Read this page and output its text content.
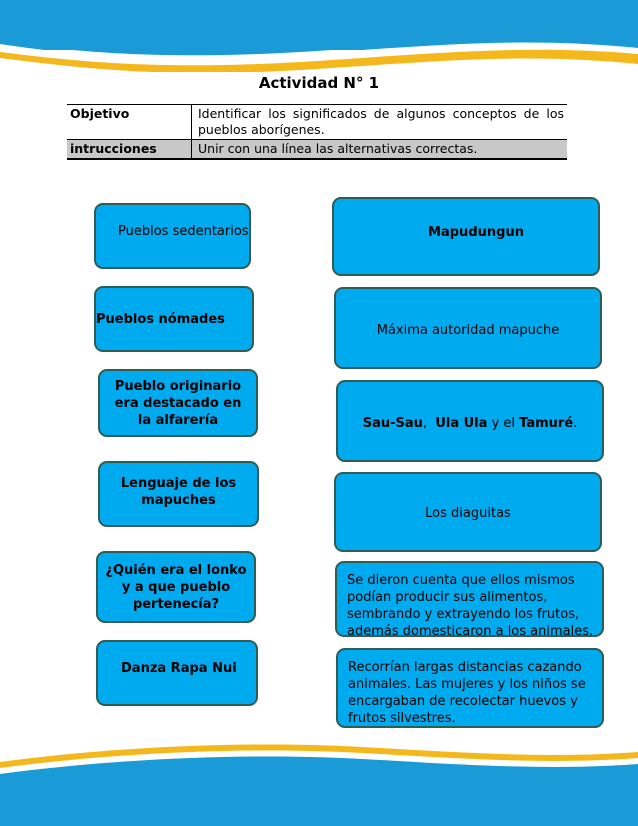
Actividad N° 1
Objetivo	Identificar los significados de algunos conceptos de los pueblos aborígenes.
intrucciones	Unir con una línea las alternativas correctas.
Pueblos sedentarios
Pueblos nómades
Pueblo originario era destacado en la alfarería
Lenguaje de los mapuches
¿Quién era el lonko y a que pueblo pertenecía?
Danza Rapa Nui
Mapudungun
Máxima autoridad mapuche
Sau-Sau, Ula Ula y el Tamuré.
Los diaguitas
Se dieron cuenta que ellos mismos podían producir sus alimentos, sembrando y extrayendo los frutos, además domesticaron a los animales.
Recorrían largas distancias cazando animales. Las mujeres y los niños se encargaban de recolectar huevos y frutos silvestres.
